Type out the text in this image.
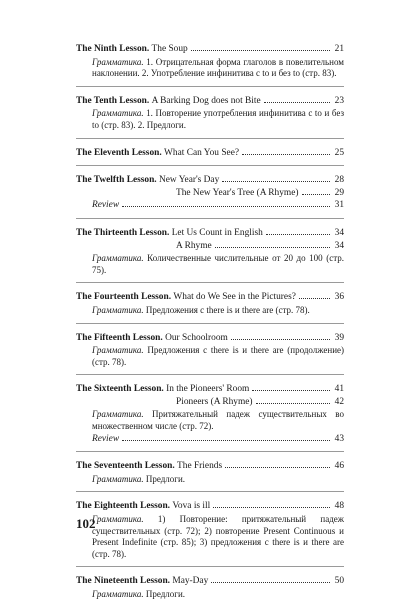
The Ninth Lesson. The Soup	21
Грамматика. 1. Отрицательная форма глаголов в повелительном наклонении. 2. Употребление инфинитива с to и без to (стр. 83).
The Tenth Lesson. A Barking Dog does not Bite	23
Грамматика. 1. Повторение употребления инфинитива с to и без to (стр. 83). 2. Предлоги.
The Eleventh Lesson. What Can You See?	25
The Twelfth Lesson. New Year's Day	28
The New Year's Tree (A Rhyme)	29
Review	31
The Thirteenth Lesson. Let Us Count in English	34
A Rhyme	34
Грамматика. Количественные числительные от 20 до 100 (стр. 75).
The Fourteenth Lesson. What do We See in the Pictures?	36
Грамматика. Предложения с there is и there are (стр. 78).
The Fifteenth Lesson. Our Schoolroom	39
Грамматика. Предложения с there is и there are (продолжение) (стр. 78).
The Sixteenth Lesson. In the Pioneers' Room	41
Pioneers (A Rhyme)	42
Грамматика. Притяжательный падеж существительных во множественном числе (стр. 72).
Review	43
The Seventeenth Lesson. The Friends	46
Грамматика. Предлоги.
The Eighteenth Lesson. Vova is ill	48
Грамматика. 1) Повторение: притяжательный падеж существительных (стр. 72); 2) повторение Present Continuous и Present Indefinite (стр. 85); 3) предложения с there is и there are (стр. 78).
The Nineteenth Lesson. May-Day	50
Грамматика. Предлоги.
102
